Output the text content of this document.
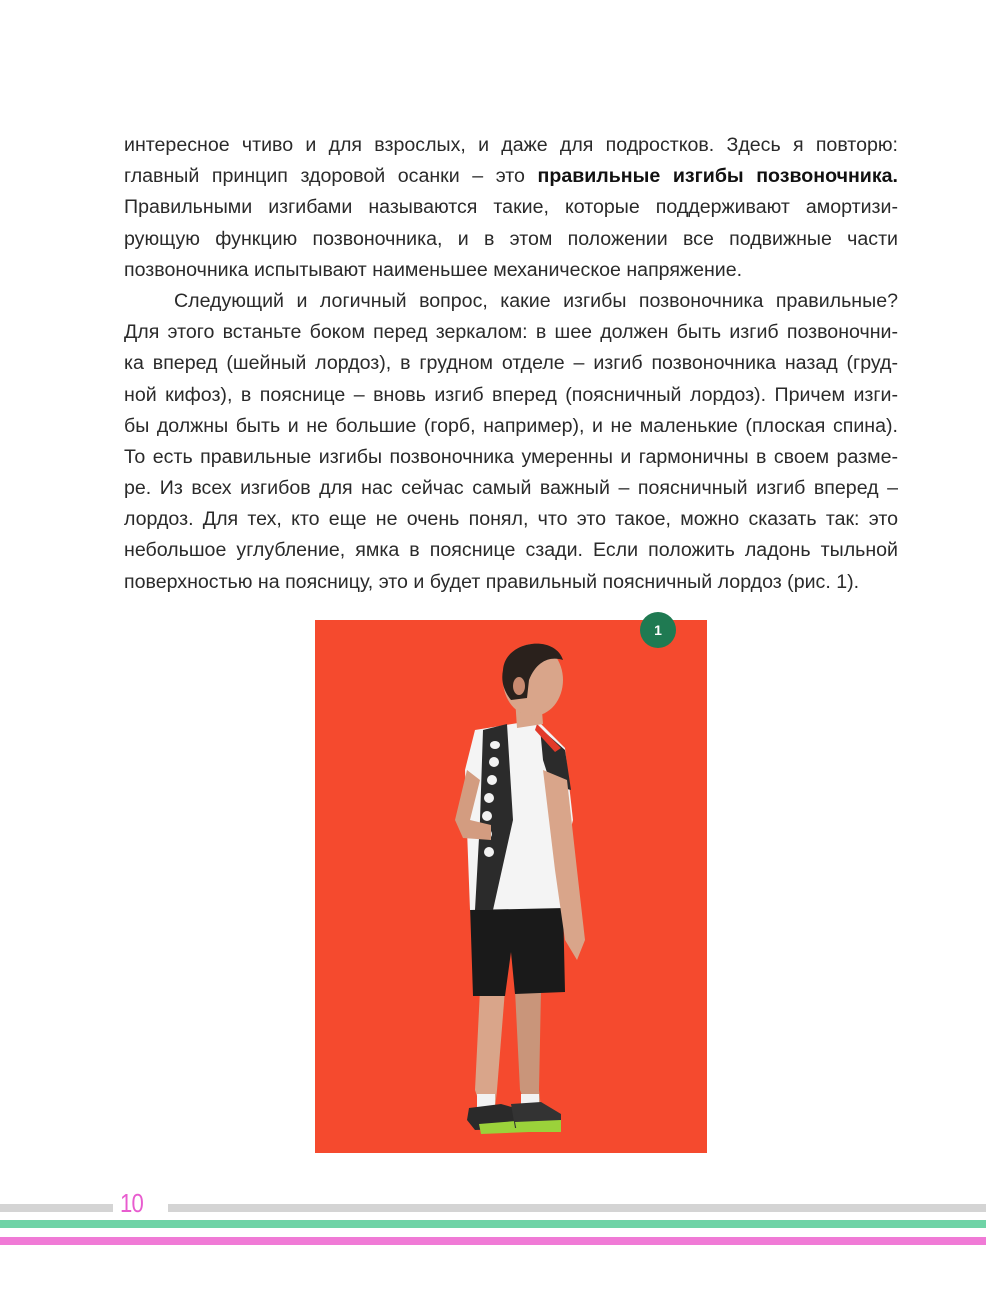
интересное чтиво и для взрослых, и даже для подростков. Здесь я повторю:
главный принцип здоровой осанки – это правильные изгибы позвоночника.
Правильными изгибами называются такие, которые поддерживают амортизи-
рующую функцию позвоночника, и в этом положении все подвижные части
позвоночника испытывают наименьшее механическое напряжение.
Следующий и логичный вопрос, какие изгибы позвоночника правильные?
Для этого встаньте боком перед зеркалом: в шее должен быть изгиб позвоночни-
ка вперед (шейный лордоз), в грудном отделе – изгиб позвоночника назад (груд-
ной кифоз), в пояснице – вновь изгиб вперед (поясничный лордоз). Причем изги-
бы должны быть и не большие (горб, например), и не маленькие (плоская спина).
То есть правильные изгибы позвоночника умеренны и гармоничны в своем разме-
ре. Из всех изгибов для нас сейчас самый важный – поясничный изгиб вперед –
лордоз. Для тех, кто еще не очень понял, что это такое, можно сказать так: это
небольшое углубление, ямка в пояснице сзади. Если положить ладонь тыльной
поверхностью на поясницу, это и будет правильный поясничный лордоз (рис. 1).
1
10
